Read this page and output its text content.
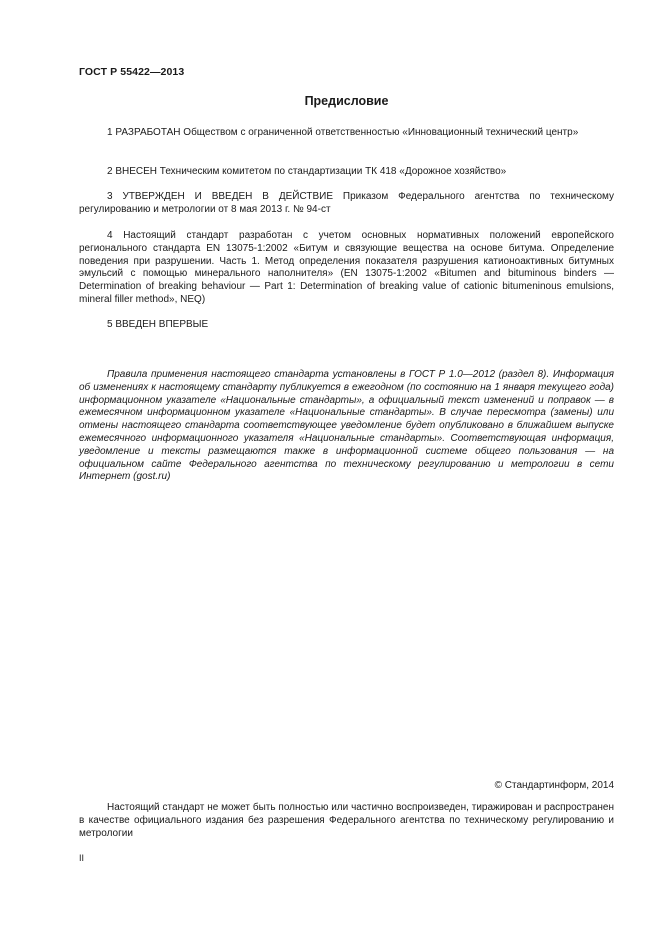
ГОСТ Р 55422—2013
Предисловие

1 РАЗРАБОТАН Обществом с ограниченной ответственностью «Инновационный технический центр»

2 ВНЕСЕН Техническим комитетом по стандартизации ТК 418 «Дорожное хозяйство»

3 УТВЕРЖДЕН И ВВЕДЕН В ДЕЙСТВИЕ Приказом Федерального агентства по техническому регулированию и метрологии от 8 мая 2013 г. № 94-ст

4 Настоящий стандарт разработан с учетом основных нормативных положений европейского регионального стандарта EN 13075-1:2002 «Битум и связующие вещества на основе битума. Определение поведения при разрушении. Часть 1. Метод определения показателя разрушения катионоактивных битумных эмульсий с помощью минерального наполнителя» (EN 13075-1:2002 «Bitumen and bituminous binders — Determination of breaking behaviour — Part 1: Determination of breaking value of cationic bitumeninous emulsions, mineral filler method», NEQ)

5 ВВЕДЕН ВПЕРВЫЕ

Правила применения настоящего стандарта установлены в ГОСТ Р 1.0—2012 (раздел 8). Информация об изменениях к настоящему стандарту публикуется в ежегодном (по состоянию на 1 января текущего года) информационном указателе «Национальные стандарты», а официальный текст изменений и поправок — в ежемесячном информационном указателе «Национальные стандарты». В случае пересмотра (замены) или отмены настоящего стандарта соответствующее уведомление будет опубликовано в ближайшем выпуске ежемесячного информационного указателя «Национальные стандарты». Соответствующая информация, уведомление и тексты размещаются также в информационной системе общего пользования — на официальном сайте Федерального агентства по техническому регулированию и метрологии в сети Интернет (gost.ru)

© Стандартинформ, 2014

Настоящий стандарт не может быть полностью или частично воспроизведен, тиражирован и распространен в качестве официального издания без разрешения Федерального агентства по техническому регулированию и метрологии

II
